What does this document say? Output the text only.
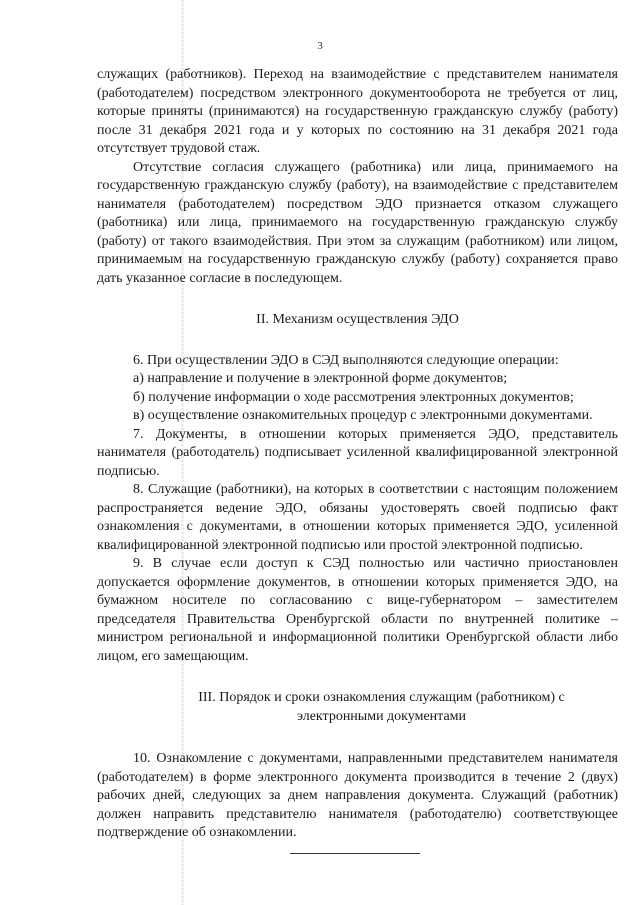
3

служащих (работников). Переход на взаимодействие с представителем нанимателя (работодателем) посредством электронного документооборота не требуется от лиц, которые приняты (принимаются) на государственную гражданскую службу (работу) после 31 декабря 2021 года и у которых по состоянию на 31 декабря 2021 года отсутствует трудовой стаж.

Отсутствие согласия служащего (работника) или лица, принимаемого на государственную гражданскую службу (работу), на взаимодействие с представителем нанимателя (работодателем) посредством ЭДО признается отказом служащего (работника) или лица, принимаемого на государственную гражданскую службу (работу) от такого взаимодействия. При этом за служащим (работником) или лицом, принимаемым на государственную гражданскую службу (работу) сохраняется право дать указанное согласие в последующем.

II. Механизм осуществления ЭДО

6. При осуществлении ЭДО в СЭД выполняются следующие операции:

а) направление и получение в электронной форме документов;

б) получение информации о ходе рассмотрения электронных документов;

в) осуществление ознакомительных процедур с электронными документами.

7. Документы, в отношении которых применяется ЭДО, представитель нанимателя (работодатель) подписывает усиленной квалифицированной электронной подписью.

8. Служащие (работники), на которых в соответствии с настоящим положением распространяется ведение ЭДО, обязаны удостоверять своей подписью факт ознакомления с документами, в отношении которых применяется ЭДО, усиленной квалифицированной электронной подписью или простой электронной подписью.

9. В случае если доступ к СЭД полностью или частично приостановлен допускается оформление документов, в отношении которых применяется ЭДО, на бумажном носителе по согласованию с вице-губернатором – заместителем председателя Правительства Оренбургской области по внутренней политике – министром региональной и информационной политики Оренбургской области либо лицом, его замещающим.

III. Порядок и сроки ознакомления служащим (работником) с электронными документами

10. Ознакомление с документами, направленными представителем нанимателя (работодателем) в форме электронного документа производится в течение 2 (двух) рабочих дней, следующих за днем направления документа. Служащий (работник) должен направить представителю нанимателя (работодателю) соответствующее подтверждение об ознакомлении.
